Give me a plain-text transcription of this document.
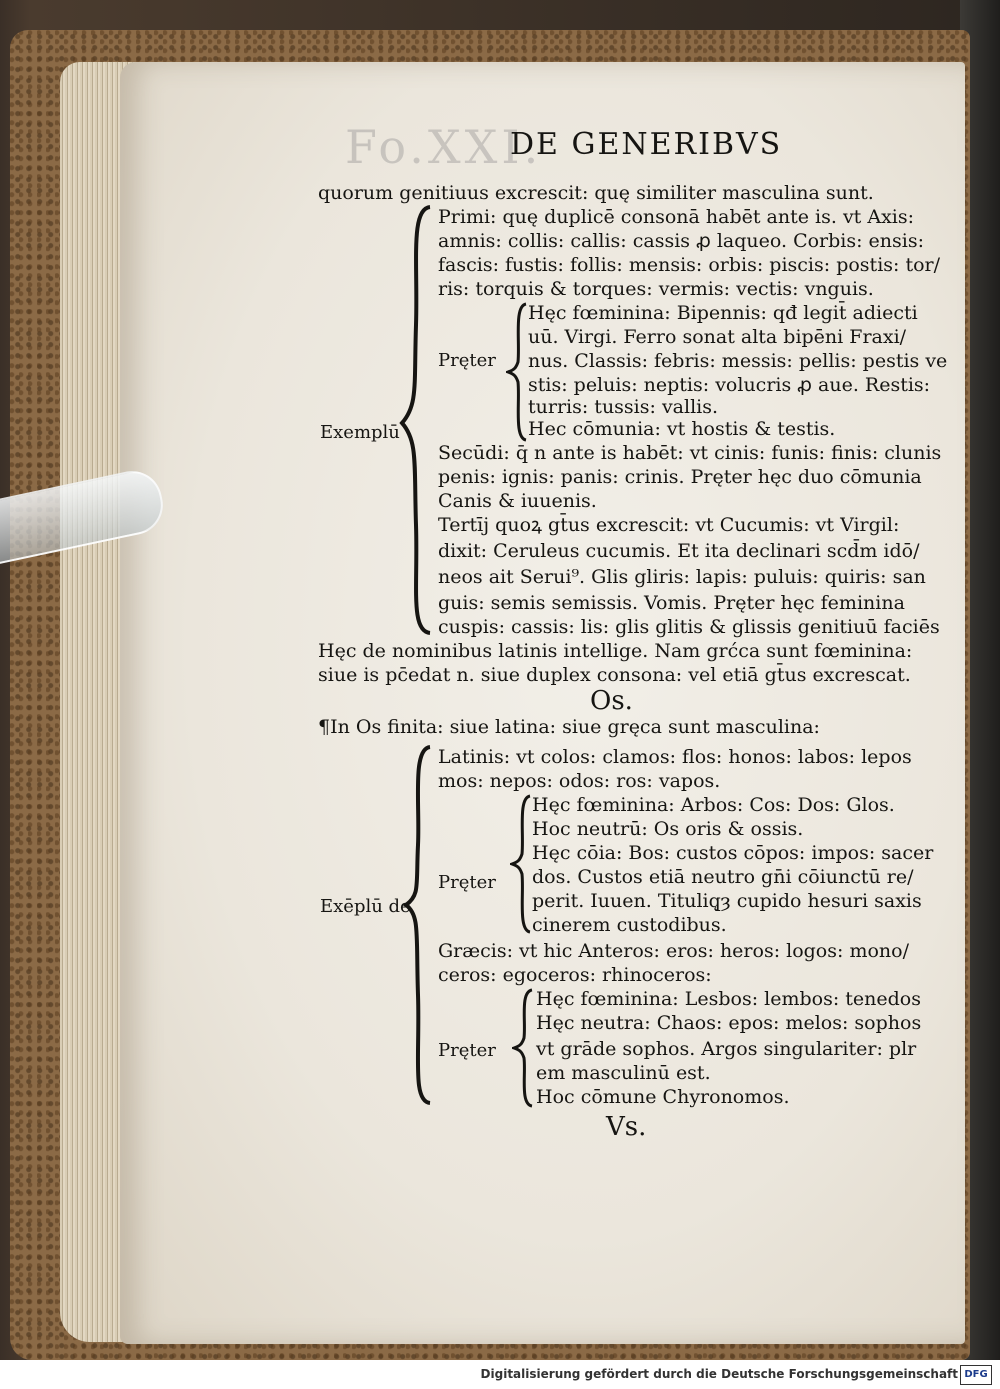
Fo.XXI.
DE GENERIBVS
quorum genitiuus excrescit: quę similiter masculina sunt.
Primi: quę duplicē consonā habēt ante is. vt Axis:
amnis: collis: callis: cassis ꝓ laqueo. Corbis: ensis:
fascis: fustis: follis: mensis: orbis: piscis: postis: tor/
ris: torquis & torques: vermis: vectis: vnguis.
Pręter
Hęc fœminina: Bipennis: qđ legit̄ adiecti
uū. Virgi. Ferro sonat alta bipēni Fraxi/
nus. Classis: febris: messis: pellis: pestis ve
stis: peluis: neptis: volucris ꝓ aue. Restis:
turris: tussis: vallis.
Hec cōmunia: vt hostis & testis.
Exemplū
Secūdi: q̄ n ante is habēt: vt cinis: funis: finis: clunis
penis: ignis: panis: crinis. Pręter hęc duo cōmunia
Canis & iuuenis.
Tertīj quoꝝ gt̄us excrescit: vt Cucumis: vt Virgil:
dixit: Ceruleus cucumis. Et ita declinari scd̄m idō/
neos ait Serui⁹. Glis gliris: lapis: puluis: quiris: san
guis: semis semissis. Vomis. Pręter hęc feminina
cuspis: cassis: lis: glis glitis & glissis genitiuū faciēs
Hęc de nominibus latinis intellige. Nam grćca sunt fœminina:
siue is pc̄edat n. siue duplex consona: vel etiā gt̄us excrescat.
Os.
¶In Os finita: siue latina: siue gręca sunt masculina:
Latinis: vt colos: clamos: flos: honos: labos: lepos
mos: nepos: odos: ros: vapos.
Pręter
Hęc fœminina: Arbos: Cos: Dos: Glos.
Hoc neutrū: Os oris & ossis.
Hęc cōia: Bos: custos cōpos: impos: sacer
dos. Custos etiā neutro gn̄i cōiunctū re/
perit. Iuuen. Tituliq̨ȝ cupido hesuri saxis
cinerem custodibus.
Exēplū de
Grӕcis: vt hic Anteros: eros: heros: logos: mono/
ceros: egoceros: rhinoceros:
Pręter
Hęc fœminina: Lesbos: lembos: tenedos
Hęc neutra: Chaos: epos: melos: sophos
vt grāde sophos. Argos singulariter: plr
em masculinū est.
Hoc cōmune Chyronomos.
Vs.
Digitalisierung gefördert durch die Deutsche Forschungsgemeinschaft DFG
